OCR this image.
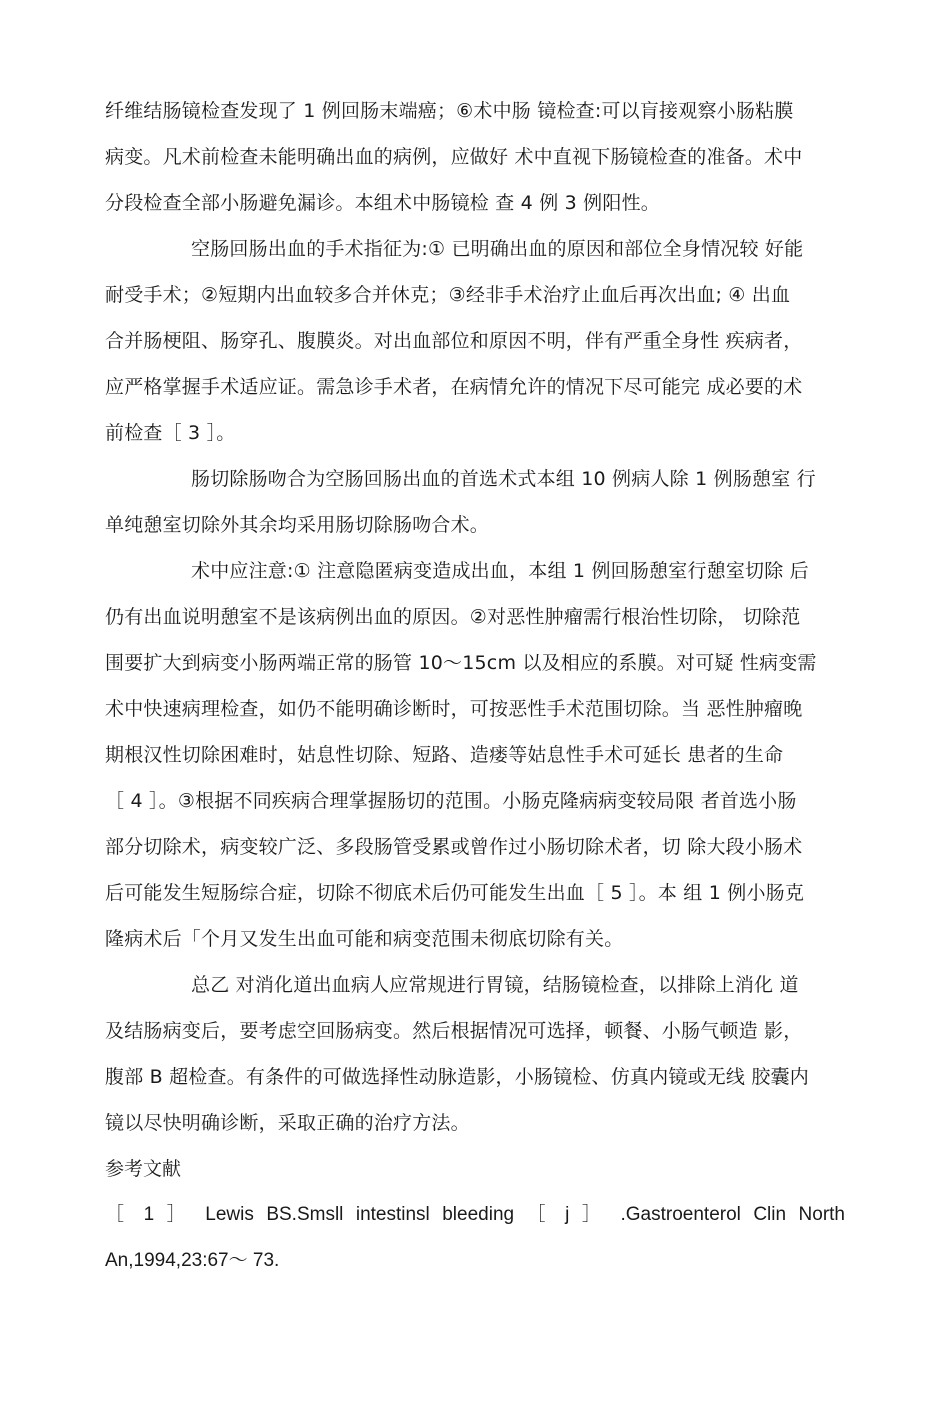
纤维结肠镜检查发现了 1 例回肠末端癌；⑥术中肠 镜检查:可以肓接观察小肠粘膜
病变。凡术前检查未能明确出血的病例，应做好 术中直视下肠镜检查的准备。术中
分段检查全部小肠避免漏诊。本组术中肠镜检 查 4 例 3 例阳性。

空肠回肠出血的手术指征为:① 已明确出血的原因和部位全身情况较 好能
耐受手术；②短期内出血较多合并休克；③经非手术治疗止血后再次出血; ④ 出血
合并肠梗阻、肠穿孔、腹膜炎。对出血部位和原因不明，伴有严重全身性 疾病者，
应严格掌握手术适应证。需急诊手术者，在病情允许的情况下尽可能完 成必要的术
前检查［ 3 ］。

肠切除肠吻合为空肠回肠出血的首选术式本组 10 例病人除 1 例肠憩室 行
单纯憩室切除外其余均采用肠切除肠吻合术。

术中应注意:① 注意隐匿病变造成出血，本组 1 例回肠憩室行憩室切除 后
仍有出血说明憩室不是该病例出血的原因。②对恶性肿瘤需行根治性切除， 切除范
围要扩大到病变小肠两端正常的肠管 10〜15cm 以及相应的系膜。对可疑 性病变需
术中快速病理检查，如仍不能明确诊断时，可按恶性手术范围切除。当 恶性肿瘤晚
期根汉性切除困难时，姑息性切除、短路、造瘘等姑息性手术可延长 患者的生命
［ 4 ］。③根据不同疾病合理掌握肠切的范围。小肠克隆病病变较局限 者首选小肠
部分切除术，病变较广泛、多段肠管受累或曾作过小肠切除术者，切 除大段小肠术
后可能发生短肠综合症，切除不彻底术后仍可能发生出血［ 5 ］。本 组 1 例小肠克
隆病术后「个月又发生出血可能和病变范围未彻底切除有关。

总乙 对消化道出血病人应常规进行胃镜，结肠镜检查，以排除上消化 道
及结肠病变后，要考虑空回肠病变。然后根据情况可选择，顿餐、小肠气顿造 影，
腹部 B 超检查。有条件的可做选择性动脉造影，小肠镜检、仿真内镜或无线 胶囊内
镜以尽快明确诊断，采取正确的治疗方法。

参考文献

［ 1 ］ Lewis BS.Smsll intestinsl bleeding ［ j ］ .Gastroenterol Clin North
An,1994,23:67〜 73.
